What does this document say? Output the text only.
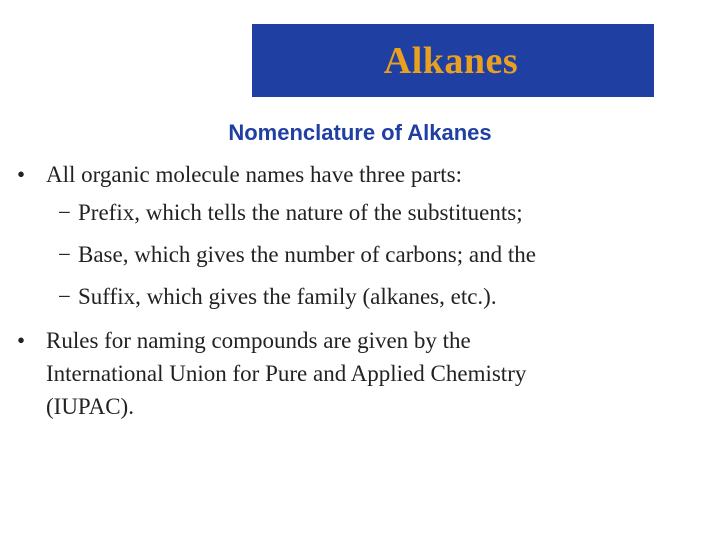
Alkanes
Nomenclature of Alkanes
• All organic molecule names have three parts:
− Prefix, which tells the nature of the substituents;
− Base, which gives the number of carbons; and the
− Suffix, which gives the family (alkanes, etc.).
• Rules for naming compounds are given by the
International Union for Pure and Applied Chemistry
(IUPAC).
